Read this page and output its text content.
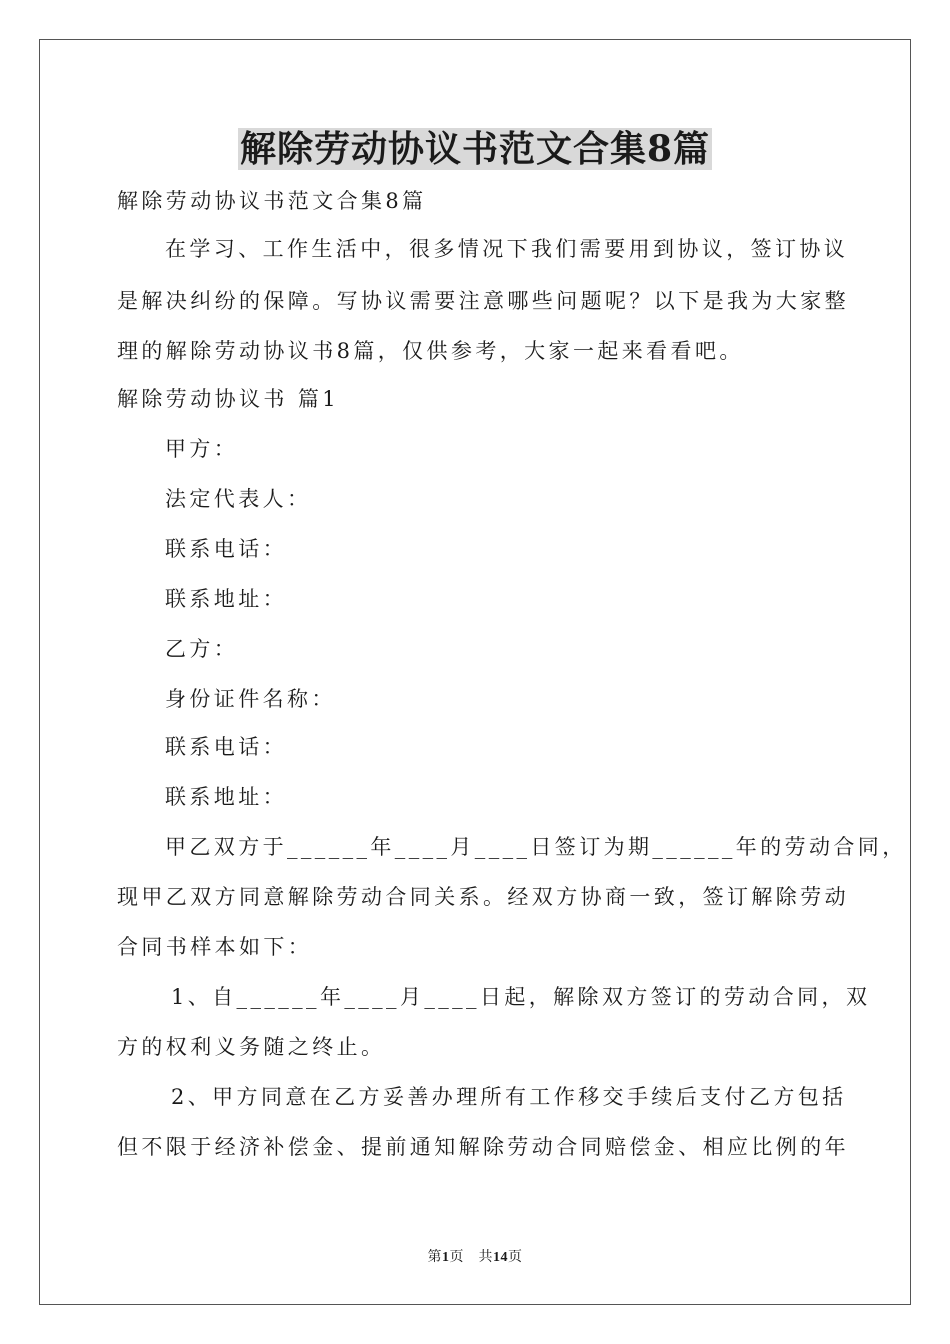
解除劳动协议书范文合集8篇
解除劳动协议书范文合集8篇
在学习、工作生活中，很多情况下我们需要用到协议，签订协议
是解决纠纷的保障。写协议需要注意哪些问题呢？以下是我为大家整
理的解除劳动协议书8篇，仅供参考，大家一起来看看吧。
解除劳动协议书 篇1
甲方：
法定代表人：
联系电话：
联系地址：
乙方：
身份证件名称：
联系电话：
联系地址：
甲乙双方于______年____月____日签订为期______年的劳动合同，
现甲乙双方同意解除劳动合同关系。经双方协商一致，签订解除劳动
合同书样本如下：
1、自______年____月____日起，解除双方签订的劳动合同，双
方的权利义务随之终止。
2、甲方同意在乙方妥善办理所有工作移交手续后支付乙方包括
但不限于经济补偿金、提前通知解除劳动合同赔偿金、相应比例的年
第1页　共14页
